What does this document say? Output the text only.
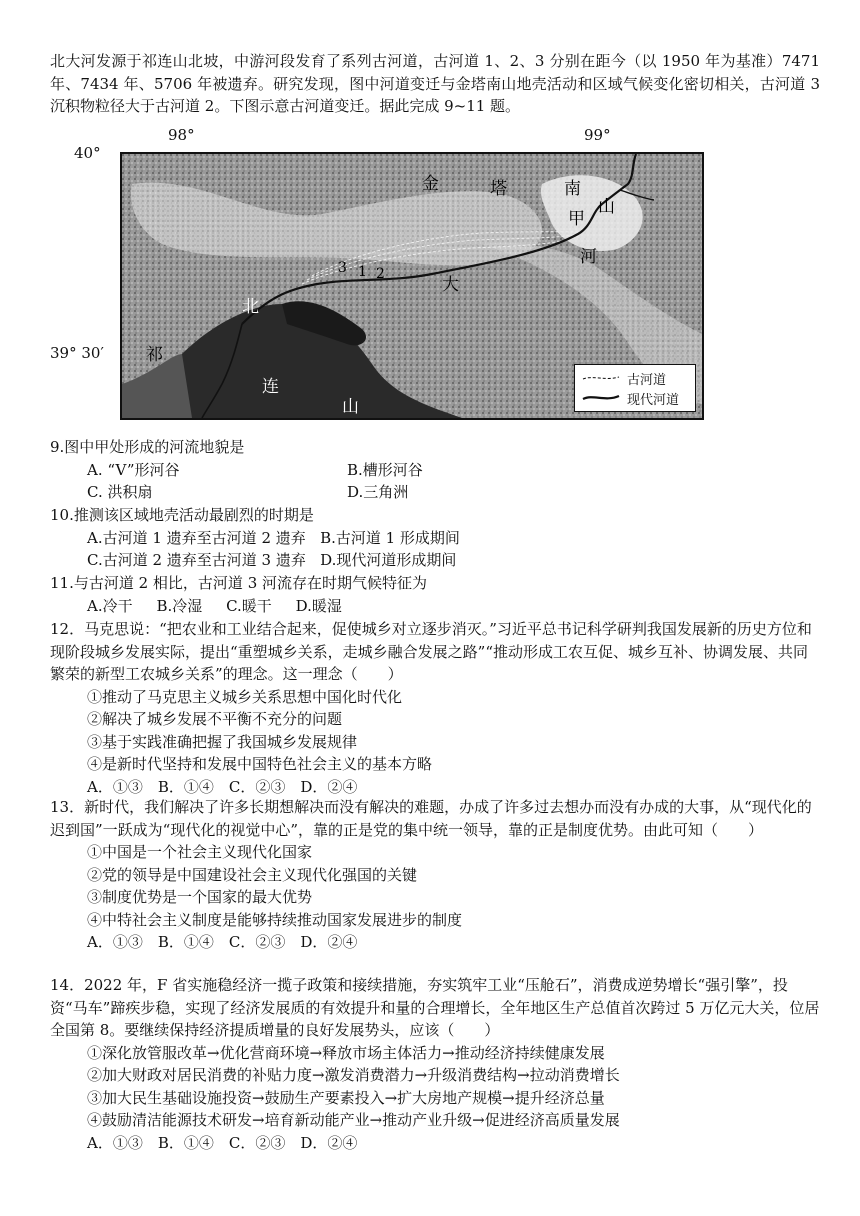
北大河发源于祁连山北坡，中游河段发育了系列古河道，古河道 1、2、3 分别在距今（以 1950 年为基准）7471 年、7434 年、5706 年被遗弃。研究发现，图中河道变迁与金塔南山地壳活动和区域气候变化密切相关，古河道 3 沉积物粒径大于古河道 2。下图示意古河道变迁。据此完成 9~11 题。

98°	99°
40°
39° 30′
金	塔	南
山
甲
河
大
北
祁
连
山
3 1 2
古河道
现代河道

9.图中甲处形成的河流地貌是

A. “V”形河谷	B.槽形河谷
C. 洪积扇	D.三角洲

10.推测该区域地壳活动最剧烈的时期是

A.古河道 1 遗弃至古河道 2 遗弃   B.古河道 1 形成期间
C.古河道 2 遗弃至古河道 3 遗弃   D.现代河道形成期间

11.与古河道 2 相比，古河道 3 河流存在时期气候特征为

A.冷干     B.冷湿     C.暖干     D.暖湿

12．马克思说：“把农业和工业结合起来，促使城乡对立逐步消灭。”习近平总书记科学研判我国发展新的历史方位和现阶段城乡发展实际，提出“重塑城乡关系，走城乡融合发展之路”“推动形成工农互促、城乡互补、协调发展、共同繁荣的新型工农城乡关系”的理念。这一理念（　　）

①推动了马克思主义城乡关系思想中国化时代化
②解决了城乡发展不平衡不充分的问题
③基于实践准确把握了我国城乡发展规律
④是新时代坚持和发展中国特色社会主义的基本方略
A．①③　B．①④　C．②③　D．②④

13．新时代，我们解决了许多长期想解决而没有解决的难题，办成了许多过去想办而没有办成的大事，从“现代化的迟到国”一跃成为“现代化的视觉中心”，靠的正是党的集中统一领导，靠的正是制度优势。由此可知（　　）

①中国是一个社会主义现代化国家
②党的领导是中国建设社会主义现代化强国的关键
③制度优势是一个国家的最大优势
④中特社会主义制度是能够持续推动国家发展进步的制度
A．①③　B．①④　C．②③　D．②④

14．2022 年，F 省实施稳经济一揽子政策和接续措施，夯实筑牢工业“压舱石”，消费成逆势增长“强引擎”，投资“马车”蹄疾步稳，实现了经济发展质的有效提升和量的合理增长，全年地区生产总值首次跨过 5 万亿元大关，位居全国第 8。要继续保持经济提质增量的良好发展势头，应该（　　）

①深化放管服改革→优化营商环境→释放市场主体活力→推动经济持续健康发展
②加大财政对居民消费的补贴力度→激发消费潜力→升级消费结构→拉动消费增长
③加大民生基础设施投资→鼓励生产要素投入→扩大房地产规模→提升经济总量
④鼓励清洁能源技术研发→培育新动能产业→推动产业升级→促进经济高质量发展
A．①③　B．①④　C．②③　D．②④
